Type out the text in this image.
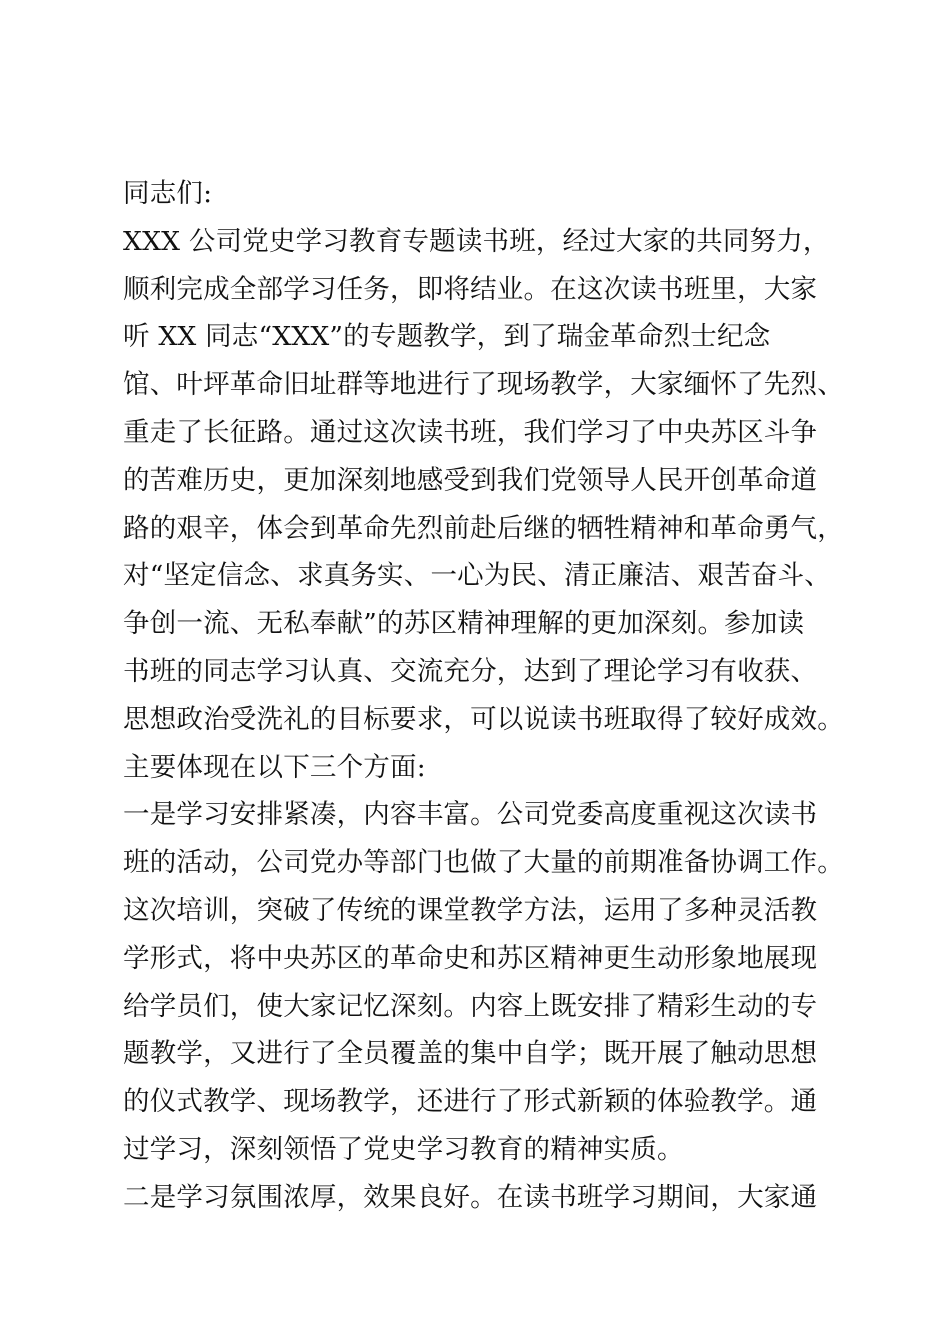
同志们:
XXX 公司党史学习教育专题读书班，经过大家的共同努力，
顺利完成全部学习任务，即将结业。在这次读书班里，大家
听 XX 同志“XXX”的专题教学，到了瑞金革命烈士纪念
馆、叶坪革命旧址群等地进行了现场教学，大家缅怀了先烈、
重走了长征路。通过这次读书班，我们学习了中央苏区斗争
的苦难历史，更加深刻地感受到我们党领导人民开创革命道
路的艰辛，体会到革命先烈前赴后继的牺牲精神和革命勇气，
对“坚定信念、求真务实、一心为民、清正廉洁、艰苦奋斗、
争创一流、无私奉献”的苏区精神理解的更加深刻。参加读
书班的同志学习认真、交流充分，达到了理论学习有收获、
思想政治受洗礼的目标要求，可以说读书班取得了较好成效。
主要体现在以下三个方面:
一是学习安排紧凑，内容丰富。公司党委高度重视这次读书
班的活动，公司党办等部门也做了大量的前期准备协调工作。
这次培训，突破了传统的课堂教学方法，运用了多种灵活教
学形式，将中央苏区的革命史和苏区精神更生动形象地展现
给学员们，使大家记忆深刻。内容上既安排了精彩生动的专
题教学，又进行了全员覆盖的集中自学；既开展了触动思想
的仪式教学、现场教学，还进行了形式新颖的体验教学。通
过学习，深刻领悟了党史学习教育的精神实质。
二是学习氛围浓厚，效果良好。在读书班学习期间，大家通
